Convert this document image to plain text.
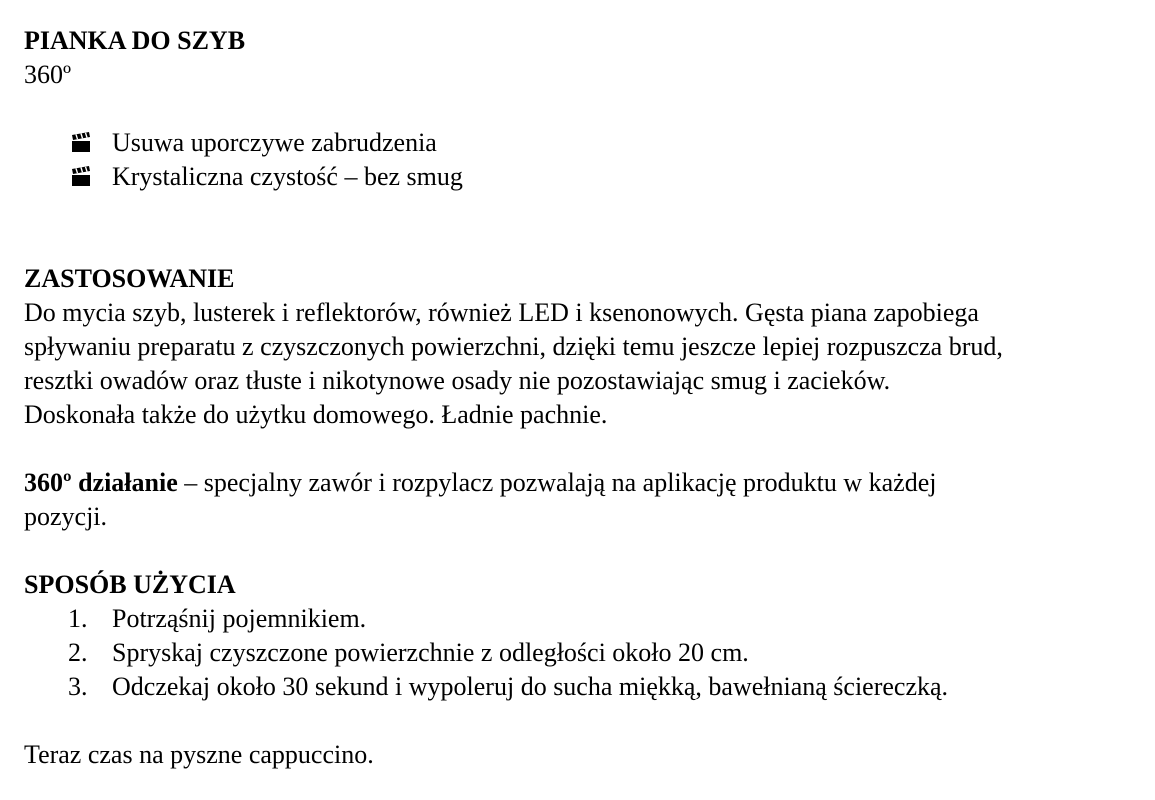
PIANKA DO SZYB

360º

Usuwa uporczywe zabrudzenia
Krystaliczna czystość – bez smug

ZASTOSOWANIE

Do mycia szyb, lusterek i reflektorów, również LED i ksenonowych. Gęsta piana zapobiega

spływaniu preparatu z czyszczonych powierzchni, dzięki temu jeszcze lepiej rozpuszcza brud,

resztki owadów oraz tłuste i nikotynowe osady nie pozostawiając smug i zacieków.

Doskonała także do użytku domowego. Ładnie pachnie.

360º działanie – specjalny zawór i rozpylacz pozwalają na aplikację produktu w każdej

pozycji.

SPOSÓB UŻYCIA

1. Potrząśnij pojemnikiem.
2. Spryskaj czyszczone powierzchnie z odległości około 20 cm.
3. Odczekaj około 30 sekund i wypoleruj do sucha miękką, bawełnianą ściereczką.

Teraz czas na pyszne cappuccino.
